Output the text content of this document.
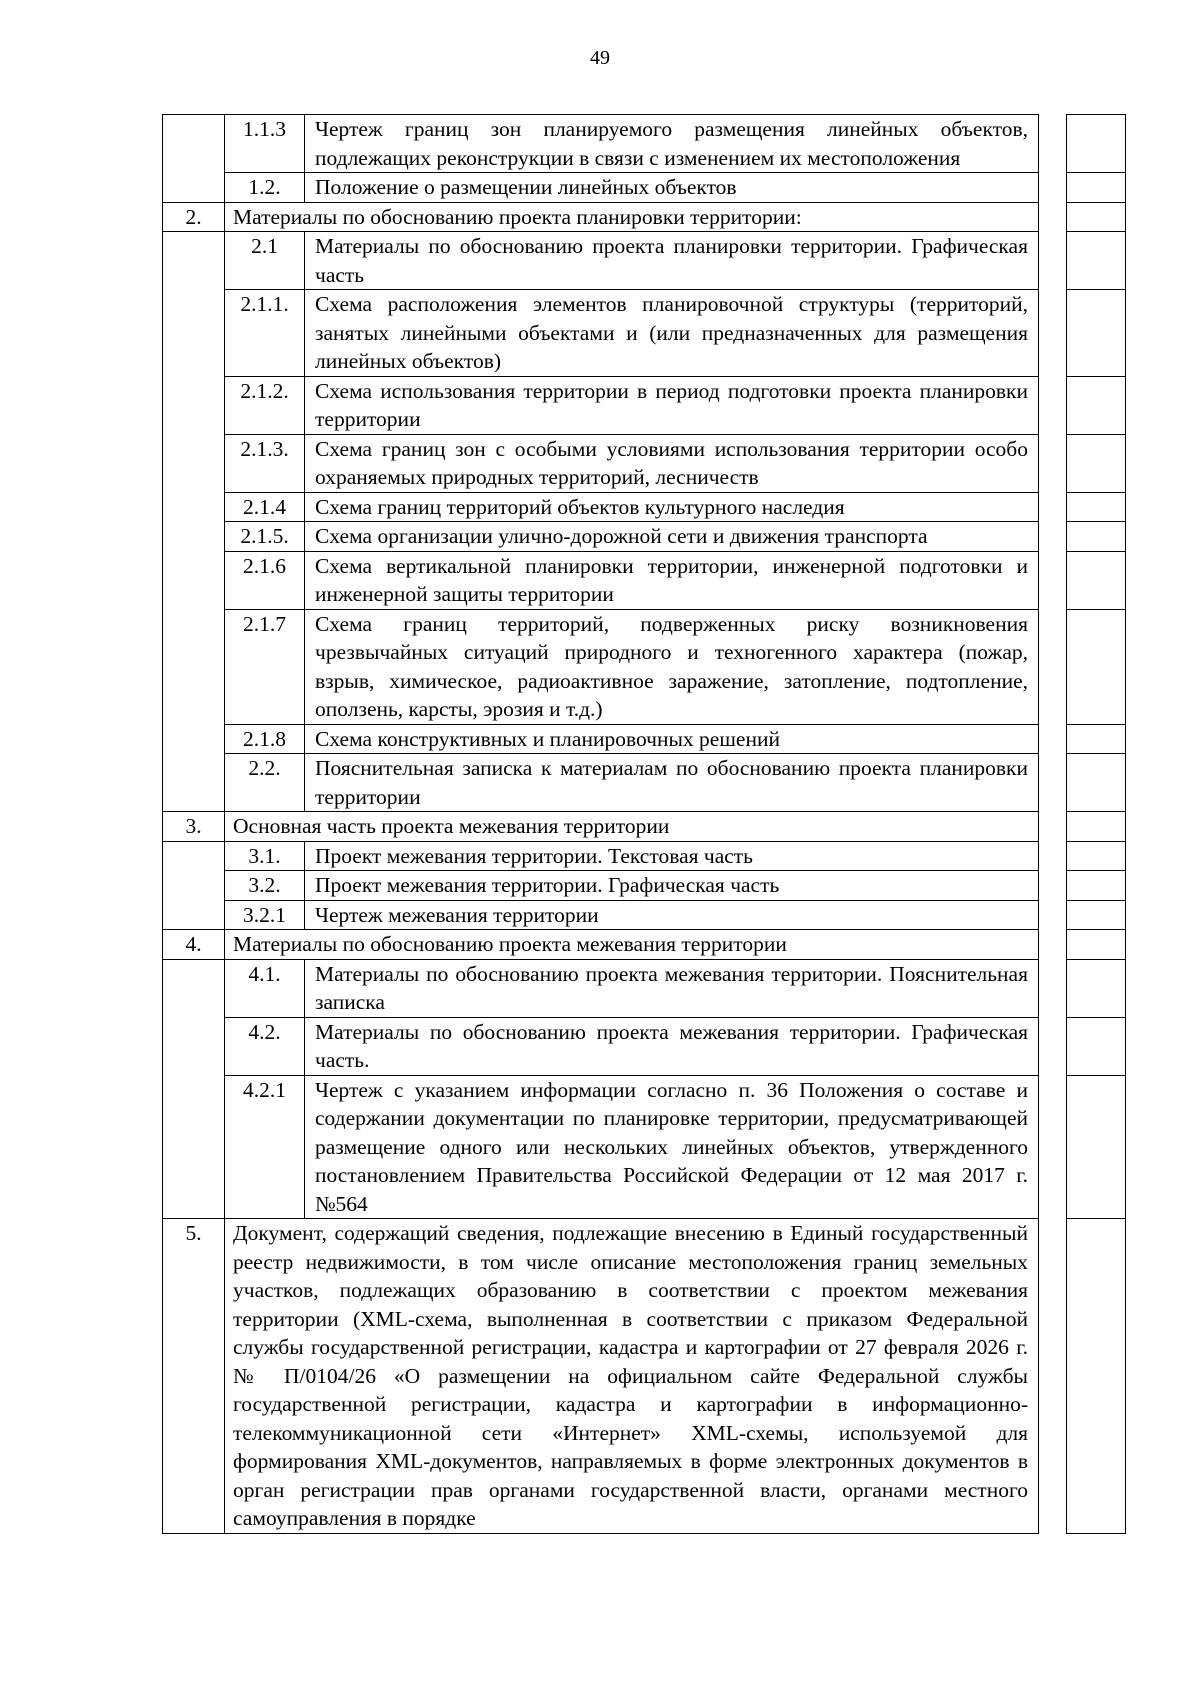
49
	1.1.3	Чертеж границ зон планируемого размещения линейных объектов, подлежащих реконструкции в связи с изменением их местоположения
	1.2.	Положение о размещении линейных объектов
2.	Материалы по обоснованию проекта планировки территории:	
	2.1	Материалы по обоснованию проекта планировки территории. Графическая часть
	2.1.1.	Схема расположения элементов планировочной структуры (территорий, занятых линейными объектами и (или предназначенных для размещения линейных объектов)
	2.1.2.	Схема использования территории в период подготовки проекта планировки территории
	2.1.3.	Схема границ зон с особыми условиями использования территории особо охраняемых природных территорий, лесничеств
	2.1.4	Схема границ территорий объектов культурного наследия
	2.1.5.	Схема организации улично-дорожной сети и движения транспорта
	2.1.6	Схема вертикальной планировки территории, инженерной подготовки и инженерной защиты территории
	2.1.7	Схема границ территорий, подверженных риску возникновения чрезвычайных ситуаций природного и техногенного характера (пожар, взрыв, химическое, радиоактивное заражение, затопление, подтопление, оползень, карсты, эрозия и т.д.)
	2.1.8	Схема конструктивных и планировочных решений
	2.2.	Пояснительная записка к материалам по обоснованию проекта планировки территории
3.	Основная часть проекта межевания территории	
	3.1.	Проект межевания территории. Текстовая часть
	3.2.	Проект межевания территории. Графическая часть
	3.2.1	Чертеж межевания территории
4.	Материалы по обоснованию проекта межевания территории	
	4.1.	Материалы по обоснованию проекта межевания территории. Пояснительная записка
	4.2.	Материалы по обоснованию проекта межевания территории. Графическая часть.
	4.2.1	Чертеж с указанием информации согласно п. 36 Положения о составе и содержании документации по планировке территории, предусматривающей размещение одного или нескольких линейных объектов, утвержденного постановлением Правительства Российской Федерации от 12 мая 2017 г. №564
5.	Документ, содержащий сведения, подлежащие внесению в Единый государственный реестр недвижимости, в том числе описание местоположения границ земельных участков, подлежащих образованию в соответствии с проектом межевания территории (XML-схема, выполненная в соответствии с приказом Федеральной службы государственной регистрации, кадастра и картографии от 27 февраля 2026 г. № П/0104/26 «О размещении на официальном сайте Федеральной службы государственной регистрации, кадастра и картографии в информационно-телекоммуникационной сети «Интернет» XML-схемы, используемой для формирования XML-документов, направляемых в форме электронных документов в орган регистрации прав органами государственной власти, органами местного самоуправления в порядке	
